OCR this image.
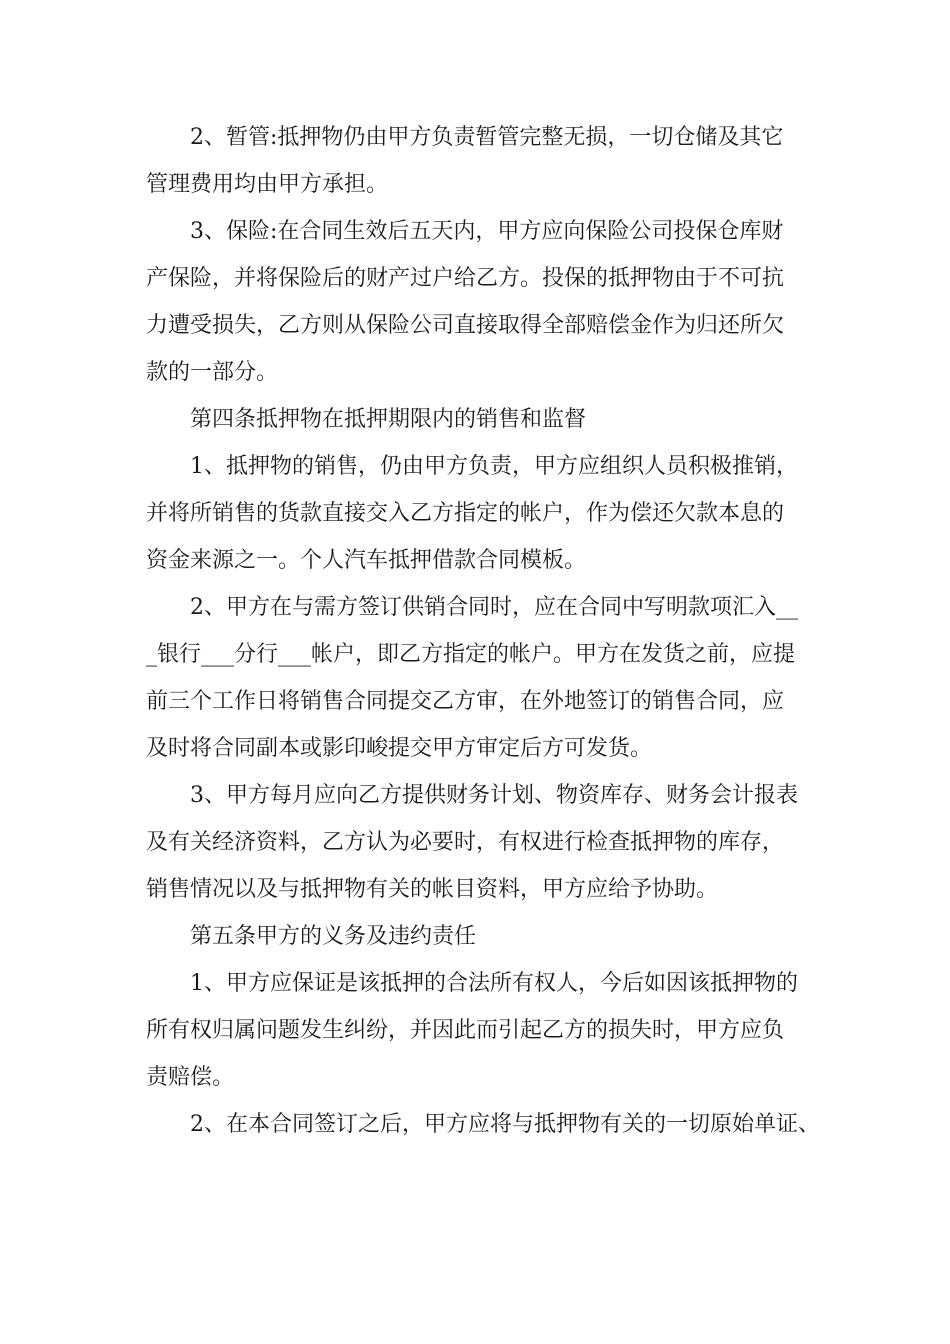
2、暂管:抵押物仍由甲方负责暂管完整无损，一切仓储及其它
管理费用均由甲方承担。
3、保险:在合同生效后五天内，甲方应向保险公司投保仓库财
产保险，并将保险后的财产过户给乙方。投保的抵押物由于不可抗
力遭受损失，乙方则从保险公司直接取得全部赔偿金作为归还所欠
款的一部分。
第四条抵押物在抵押期限内的销售和监督
1、抵押物的销售，仍由甲方负责，甲方应组织人员积极推销，
并将所销售的货款直接交入乙方指定的帐户，作为偿还欠款本息的
资金来源之一。个人汽车抵押借款合同模板。
2、甲方在与需方签订供销合同时，应在合同中写明款项汇入__
_银行___分行___帐户，即乙方指定的帐户。甲方在发货之前，应提
前三个工作日将销售合同提交乙方审，在外地签订的销售合同，应
及时将合同副本或影印峻提交甲方审定后方可发货。
3、甲方每月应向乙方提供财务计划、物资库存、财务会计报表
及有关经济资料，乙方认为必要时，有权进行检查抵押物的库存，
销售情况以及与抵押物有关的帐目资料，甲方应给予协助。
第五条甲方的义务及违约责任
1、甲方应保证是该抵押的合法所有权人，今后如因该抵押物的
所有权归属问题发生纠纷，并因此而引起乙方的损失时，甲方应负
责赔偿。
2、在本合同签订之后，甲方应将与抵押物有关的一切原始单证、
